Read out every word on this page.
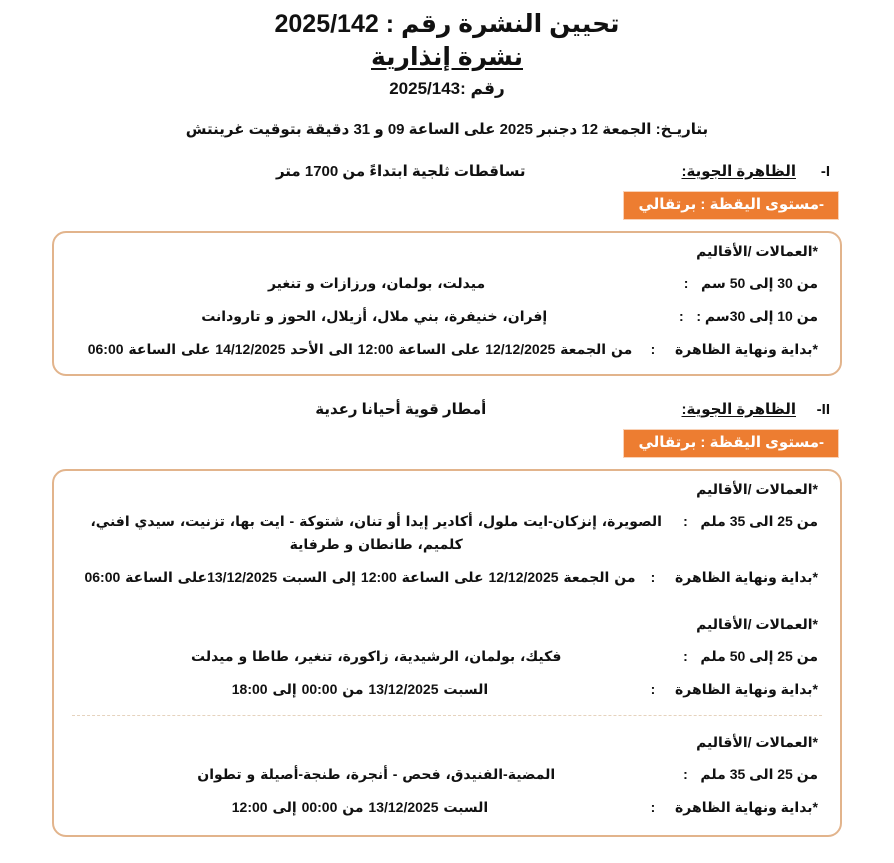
تحيين النشرة رقم : 2025/142
نشرة إنذارية
رقم :2025/143
بتاريـخ: الجمعة 12 دجنبر 2025 على الساعة 09 و 31 دقيقة بتوقيت غرينتش
I-
الظاهرة الجوية:
تساقطات ثلجية ابتداءً من 1700 متر
-مستوى اليقظة : برتقالي
*العمالات /الأقاليم
من 30 إلى 50 سم
:
ميدلت، بولمان، ورزازات و تنغير
من 10 إلى 30سم :
:
إفران، خنيفرة، بني ملال، أزيلال، الحوز و تارودانت
*بداية ونهاية الظاهرة
:
من الجمعة 12/12/2025 على الساعة 12:00 الى الأحد 14/12/2025 على الساعة 06:00
II-
الظاهرة الجوية:
أمطار قوية أحيانا رعدية
-مستوى اليقظة : برتقالي
*العمالات /الأقاليم
من 25 الى 35 ملم
:
الصويرة، إنزكان-ايت ملول، أكادير إيدا أو تنان، شتوكة - ايت بها، تزنيت، سيدي افني، كلميم، طانطان و طرفاية
*بداية ونهاية الظاهرة
:
من الجمعة 12/12/2025 على الساعة 12:00 إلى السبت 13/12/2025على الساعة 06:00
*العمالات /الأقاليم
من 25 إلى 50 ملم
:
فكيك، بولمان، الرشيدية، زاكورة، تنغير، طاطا و ميدلت
*بداية ونهاية الظاهرة
:
السبت 13/12/2025 من 00:00 إلى 18:00
*العمالات /الأقاليم
من 25 الى 35 ملم
:
المضية-الفنيدق، فحص - أنجرة، طنجة-أصيلة و تطوان
*بداية ونهاية الظاهرة
:
السبت 13/12/2025 من 00:00 إلى 12:00
